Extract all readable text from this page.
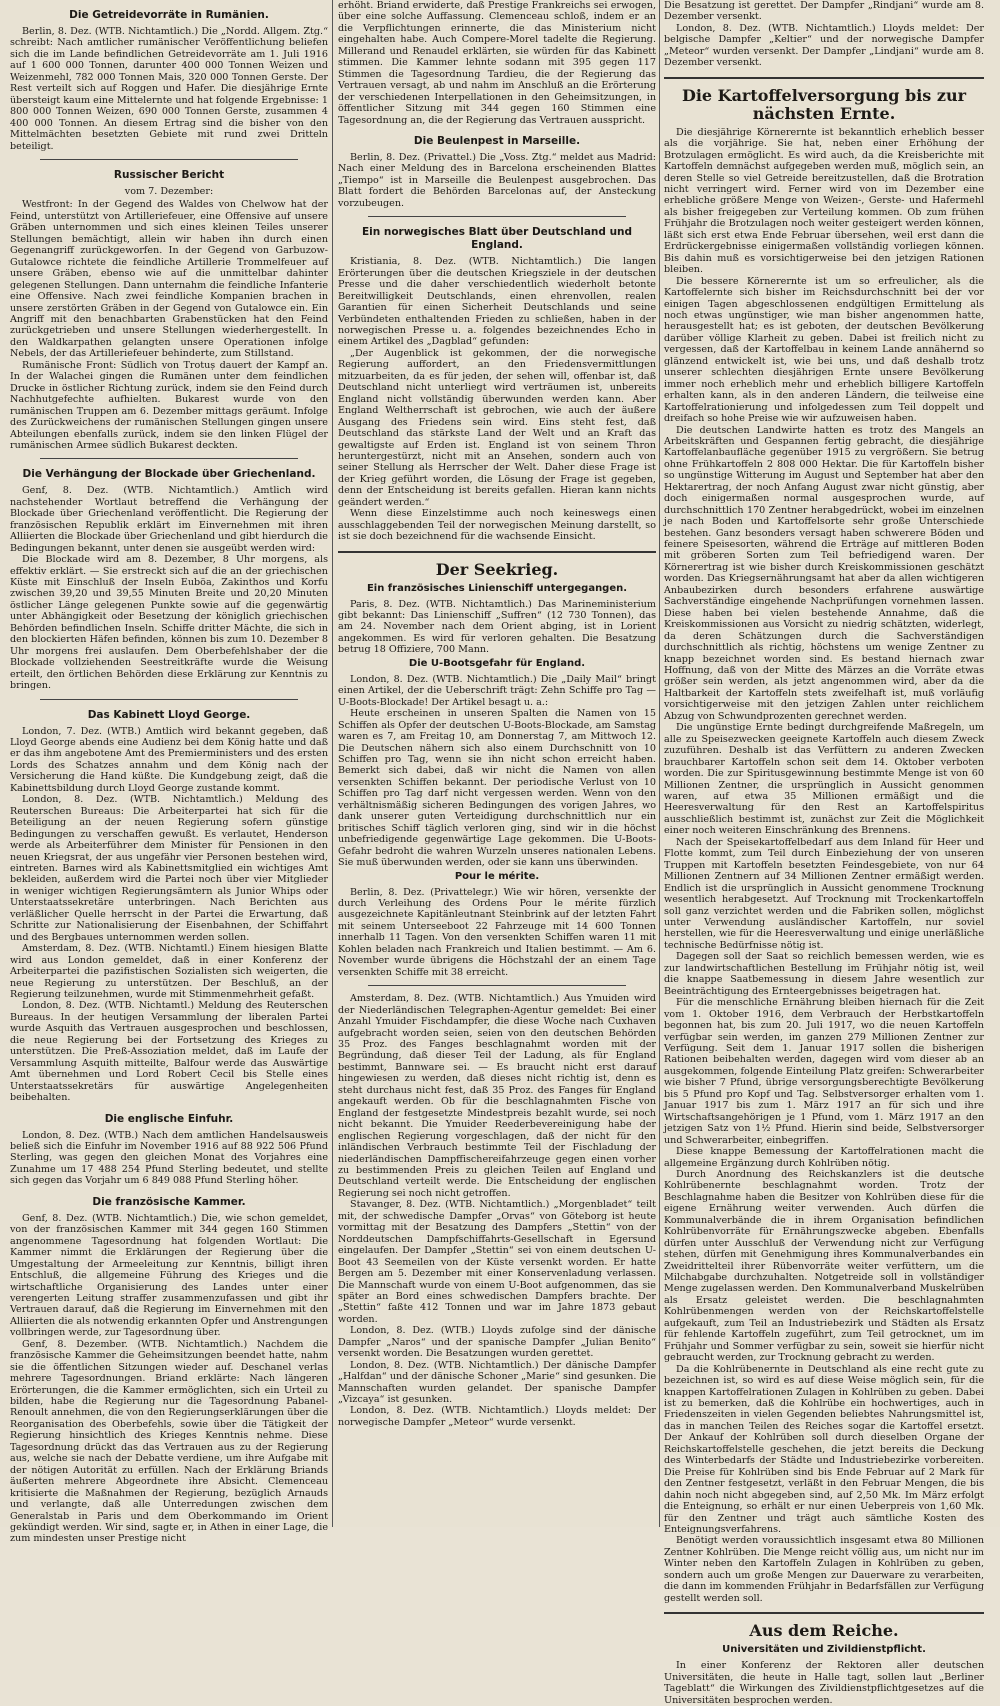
Die Getreidevorräte in Rumänien.

Berlin, 8. Dez. (WTB. Nichtamtlich.) Die „Nordd. Allgem. Ztg.“ schreibt: Nach amtlicher rumänischer Veröffentlichung beliefen sich die im Lande befindlichen Getreidevorräte am 1. Juli 1916 auf 1 600 000 Tonnen, darunter 400 000 Tonnen Weizen und Weizenmehl, 782 000 Tonnen Mais, 320 000 Tonnen Gerste. Der Rest verteilt sich auf Roggen und Hafer. Die diesjährige Ernte übersteigt kaum eine Mittelernte und hat folgende Ergebnisse: 1 800 000 Tonnen Weizen, 690 000 Tonnen Gerste, zusammen 4 400 000 Tonnen. An diesem Ertrag sind die bisher von den Mittelmächten besetzten Gebiete mit rund zwei Dritteln beteiligt.

Russischer Bericht
vom 7. Dezember:

Westfront: In der Gegend des Waldes von Chelwow hat der Feind, unterstützt von Artilleriefeuer, eine Offensive auf unsere Gräben unternommen und sich eines kleinen Teiles unserer Stellungen bemächtigt, allein wir haben ihn durch einen Gegenangriff zurückgeworfen. In der Gegend von Garbuzow-Gutalowce richtete die feindliche Artillerie Trommelfeuer auf unsere Gräben, ebenso wie auf die unmittelbar dahinter gelegenen Stellungen. Dann unternahm die feindliche Infanterie eine Offensive. Nach zwei feindliche Kompanien brachen in unsere zerstörten Gräben in der Gegend von Gutalowce ein. Ein Angriff mit den benachbarten Grabenstücken hat den Feind zurückgetrieben und unsere Stellungen wiederhergestellt. In den Waldkarpathen gelangten unsere Operationen infolge Nebels, der das Artilleriefeuer behinderte, zum Stillstand.

Rumänische Front: Südlich von Trotuș dauert der Kampf an. In der Walachei gingen die Rumänen unter dem feindlichen Drucke in östlicher Richtung zurück, indem sie den Feind durch Nachhutgefechte aufhielten. Bukarest wurde von den rumänischen Truppen am 6. Dezember mittags geräumt. Infolge des Zurückweichens der rumänischen Stellungen gingen unsere Abteilungen ebenfalls zurück, indem sie den linken Flügel der rumänischen Armee südlich Bukarest deckten.

Die Verhängung der Blockade über Griechenland.

Genf, 8. Dez. (WTB. Nichtamtlich.) Amtlich wird nachstehender Wortlaut betreffend die Verhängung der Blockade über Griechenland veröffentlicht. Die Regierung der französischen Republik erklärt im Einvernehmen mit ihren Alliierten die Blockade über Griechenland und gibt hierdurch die Bedingungen bekannt, unter denen sie ausgeübt werden wird:

Die Blockade wird am 8. Dezember, 8 Uhr morgens, als effektiv erklärt. — Sie erstreckt sich auf die an der griechischen Küste mit Einschluß der Inseln Euböa, Zakinthos und Korfu zwischen 39,20 und 39,55 Minuten Breite und 20,20 Minuten östlicher Länge gelegenen Punkte sowie auf die gegenwärtig unter Abhängigkeit oder Besetzung der königlich griechischen Behörden befindlichen Inseln. Schiffe dritter Mächte, die sich in den blockierten Häfen befinden, können bis zum 10. Dezember 8 Uhr morgens frei auslaufen. Dem Oberbefehlshaber der die Blockade vollziehenden Seestreitkräfte wurde die Weisung erteilt, den örtlichen Behörden diese Erklärung zur Kenntnis zu bringen.

Das Kabinett Lloyd George.

London, 7. Dez. (WTB.) Amtlich wird bekannt gegeben, daß Lloyd George abends eine Audienz bei dem König hatte und daß er das ihm angebotene Amt des Premierministers und des ersten Lords des Schatzes annahm und dem König nach der Versicherung die Hand küßte. Die Kundgebung zeigt, daß die Kabinettsbildung durch Lloyd George zustande kommt.

London, 8. Dez. (WTB. Nichtamtlich.) Meldung des Reuterschen Bureaus: Die Arbeiterpartei hat sich für die Beteiligung an der neuen Regierung sofern günstige Bedingungen zu verschaffen gewußt. Es verlautet, Henderson werde als Arbeiterführer dem Minister für Pensionen in den neuen Kriegsrat, der aus ungefähr vier Personen bestehen wird, eintreten. Barnes wird als Kabinettsmitglied ein wichtiges Amt bekleiden, außerdem wird die Partei noch über vier Mitglieder in weniger wichtigen Regierungsämtern als Junior Whips oder Unterstaatssekretäre unterbringen. Nach Berichten aus verläßlicher Quelle herrscht in der Partei die Erwartung, daß Schritte zur Nationalisierung der Eisenbahnen, der Schiffahrt und des Bergbaues unternommen werden sollen.

Amsterdam, 8. Dez. (WTB. Nichtamtl.) Einem hiesigen Blatte wird aus London gemeldet, daß in einer Konferenz der Arbeiterpartei die pazifistischen Sozialisten sich weigerten, die neue Regierung zu unterstützen. Der Beschluß, an der Regierung teilzunehmen, wurde mit Stimmenmehrheit gefaßt.

London, 8. Dez. (WTB. Nichtamtl.) Meldung des Reuterschen Bureaus. In der heutigen Versammlung der liberalen Partei wurde Asquith das Vertrauen ausgesprochen und beschlossen, die neue Regierung bei der Fortsetzung des Krieges zu unterstützen. Die Preß-Assoziation meldet, daß im Laufe der Versammlung Asquith mitteilte, Balfour werde das Auswärtige Amt übernehmen und Lord Robert Cecil bis Stelle eines Unterstaatssekretärs für auswärtige Angelegenheiten beibehalten.

Die englische Einfuhr.

London, 8. Dez. (WTB.) Nach dem amtlichen Handelsausweis beließ sich die Einfuhr im November 1916 auf 88 922 506 Pfund Sterling, was gegen den gleichen Monat des Vorjahres eine Zunahme um 17 488 254 Pfund Sterling bedeutet, und stellte sich gegen das Vorjahr um 6 849 088 Pfund Sterling höher.

Die französische Kammer.

Genf, 8. Dez. (WTB. Nichtamtlich.) Die, wie schon gemeldet, von der französischen Kammer mit 344 gegen 160 Stimmen angenommene Tagesordnung hat folgenden Wortlaut: Die Kammer nimmt die Erklärungen der Regierung über die Umgestaltung der Armeeleitung zur Kenntnis, billigt ihren Entschluß, die allgemeine Führung des Krieges und die wirtschaftliche Organisierung des Landes unter einer verengerten Leitung straffer zusammenzufassen und gibt ihr Vertrauen darauf, daß die Regierung im Einvernehmen mit den Alliierten die als notwendig erkannten Opfer und Anstrengungen vollbringen werde, zur Tagesordnung über.

Genf, 8. Dezember. (WTB. Nichtamtlich.) Nachdem die französische Kammer die Geheimsitzungen beendet hatte, nahm sie die öffentlichen Sitzungen wieder auf. Deschanel verlas mehrere Tagesordnungen. Briand erklärte: Nach längeren Erörterungen, die die Kammer ermöglichten, sich ein Urteil zu bilden, habe die Regierung nur die Tagesordnung Pabanel-Renoult annehmen, die von den Regierungserklärungen über die Reorganisation des Oberbefehls, sowie über die Tätigkeit der Regierung hinsichtlich des Krieges Kenntnis nehme. Diese Tagesordnung drückt das das Vertrauen aus zu der Regierung aus, welche sie nach der Debatte verdiene, um ihre Aufgabe mit der nötigen Autorität zu erfüllen. Nach der Erklärung Briands äußerten mehrere Abgeordnete ihre Absicht. Clemenceau kritisierte die Maßnahmen der Regierung, bezüglich Arnauds und verlangte, daß alle Unterredungen zwischen dem Generalstab in Paris und dem Oberkommando im Orient gekündigt werden. Wir sind, sagte er, in Athen in einer Lage, die zum mindesten unser Prestige nicht

erhöht. Briand erwiderte, daß Prestige Frankreichs sei erwogen, über eine solche Auffassung. Clemenceau schloß, indem er an die Verpflichtungen erinnerte, die das Ministerium nicht eingehalten habe. Auch Compere-Morel tadelte die Regierung. Millerand und Renaudel erklärten, sie würden für das Kabinett stimmen. Die Kammer lehnte sodann mit 395 gegen 117 Stimmen die Tagesordnung Tardieu, die der Regierung das Vertrauen versagt, ab und nahm im Anschluß an die Erörterung der verschiedenen Interpellationen in den Geheimsitzungen, in öffentlicher Sitzung mit 344 gegen 160 Stimmen eine Tagesordnung an, die der Regierung das Vertrauen ausspricht.

Die Beulenpest in Marseille.

Berlin, 8. Dez. (Privattel.) Die „Voss. Ztg.“ meldet aus Madrid: Nach einer Meldung des in Barcelona erscheinenden Blattes „Tiempo“ ist in Marseille die Beulenpest ausgebrochen. Das Blatt fordert die Behörden Barcelonas auf, der Ansteckung vorzubeugen.

Ein norwegisches Blatt über Deutschland und England.

Kristiania, 8. Dez. (WTB. Nichtamtlich.) Die langen Erörterungen über die deutschen Kriegsziele in der deutschen Presse und die daher verschiedentlich wiederholt betonte Bereitwilligkeit Deutschlands, einen ehrenvollen, realen Garantien für einen Sicherheit Deutschlands und seine Verbündeten enthaltenden Frieden zu schließen, haben in der norwegischen Presse u. a. folgendes bezeichnendes Echo in einem Artikel des „Dagblad“ gefunden:

„Der Augenblick ist gekommen, der die norwegische Regierung auffordert, an den Friedensvermittlungen mitzuarbeiten, da es für jeden, der sehen will, offenbar ist, daß Deutschland nicht unterliegt wird verträumen ist, unbereits England nicht vollständig überwunden werden kann. Aber England Weltherrschaft ist gebrochen, wie auch der äußere Ausgang des Friedens sein wird. Eins steht fest, daß Deutschland das stärkste Land der Welt und an Kraft das gewaltigste auf Erden ist. England ist von seinem Thron heruntergestürzt, nicht mit an Ansehen, sondern auch von seiner Stellung als Herrscher der Welt. Daher diese Frage ist der Krieg geführt worden, die Lösung der Frage ist gegeben, denn der Entscheidung ist bereits gefallen. Hieran kann nichts geändert werden.“

Wenn diese Einzelstimme auch noch keineswegs einen ausschlaggebenden Teil der norwegischen Meinung darstellt, so ist sie doch bezeichnend für die wachsende Einsicht.

Der Seekrieg.
Ein französisches Linienschiff untergegangen.

Paris, 8. Dez. (WTB. Nichtamtlich.) Das Marineministerium gibt bekannt: Das Linienschiff „Suffren“ (12 730 Tonnen), das am 24. November nach dem Orient abging, ist in Lorient angekommen. Es wird für verloren gehalten. Die Besatzung betrug 18 Offiziere, 700 Mann.

Die U-Bootsgefahr für England.

London, 8. Dez. (WTB. Nichtamtlich.) Die „Daily Mail“ bringt einen Artikel, der die Ueberschrift trägt: Zehn Schiffe pro Tag — U-Boots-Blockade! Der Artikel besagt u. a.:

Heute erscheinen in unseren Spalten die Namen von 15 Schiffen als Opfer der deutschen U-Boots-Blockade, am Samstag waren es 7, am Freitag 10, am Donnerstag 7, am Mittwoch 12. Die Deutschen nähern sich also einem Durchschnitt von 10 Schiffen pro Tag, wenn sie ihn nicht schon erreicht haben. Bemerkt sich dabei, daß wir nicht die Namen von allen versenkten Schiffen bekannt. Der periodische Verlust von 10 Schiffen pro Tag darf nicht vergessen werden. Wenn von den verhältnismäßig sicheren Bedingungen des vorigen Jahres, wo dank unserer guten Verteidigung durchschnittlich nur ein britisches Schiff täglich verloren ging, sind wir in die höchst unbefriedigende gegenwärtige Lage gekommen. Die U-Boots-Gefahr bedroht die wahren Wurzeln unseres nationalen Lebens. Sie muß überwunden werden, oder sie kann uns überwinden.

Pour le mérite.

Berlin, 8. Dez. (Privattelegr.) Wie wir hören, versenkte der durch Verleihung des Ordens Pour le mérite fürzlich ausgezeichnete Kapitänleutnant Steinbrink auf der letzten Fahrt mit seinem Unterseeboot 22 Fahrzeuge mit 14 600 Tonnen innerhalb 11 Tagen. Von den versenkten Schiffen waren 11 mit Kohlen beladen nach Frankreich und Italien bestimmt. — Am 6. November wurde übrigens die Höchstzahl der an einem Tage versenkten Schiffe mit 38 erreicht.

Amsterdam, 8. Dez. (WTB. Nichtamtlich.) Aus Ymuiden wird der Niederländischen Telegraphen-Agentur gemeldet: Bei einer Anzahl Ymuider Fischdampfer, die diese Woche nach Cuxhaven aufgebracht worden seien, seien von den deutschen Behörden 35 Proz. des Fanges beschlagnahmt worden mit der Begründung, daß dieser Teil der Ladung, als für England bestimmt, Bannware sei. — Es braucht nicht erst darauf hingewiesen zu werden, daß dieses nicht richtig ist, denn es steht durchaus nicht fest, daß 35 Proz. des Fanges für England angekauft werden. Ob für die beschlagnahmten Fische von England der festgesetzte Mindestpreis bezahlt wurde, sei noch nicht bekannt. Die Ymuider Reederbevereinigung habe der englischen Regierung vorgeschlagen, daß der nicht für den inländischen Verbrauch bestimmte Teil der Fischladung der niederländischen Dampffischereifahrzeuge gegen einen vorher zu bestimmenden Preis zu gleichen Teilen auf England und Deutschland verteilt werde. Die Entscheidung der englischen Regierung sei noch nicht getroffen.

Stavanger, 8. Dez. (WTB. Nichtamtlich.) „Morgenbladet“ teilt mit, der schwedische Dampfer „Orvas“ von Göteborg ist heute vormittag mit der Besatzung des Dampfers „Stettin“ von der Norddeutschen Dampfschiffahrts-Gesellschaft in Egersund eingelaufen. Der Dampfer „Stettin“ sei von einem deutschen U-Boot 43 Seemeilen von der Küste versenkt worden. Er hatte Bergen am 5. Dezember mit einer Konservenladung verlassen. Die Mannschaft wurde von einem U-Boot aufgenommen, das sie später an Bord eines schwedischen Dampfers brachte. Der „Stettin“ faßte 412 Tonnen und war im Jahre 1873 gebaut worden.

London, 8. Dez. (WTB.) Lloyds zufolge sind der dänische Dampfer „Naros“ und der spanische Dampfer „Julian Benito“ versenkt worden. Die Besatzungen wurden gerettet.

London, 8. Dez. (WTB. Nichtamtlich.) Der dänische Dampfer „Halfdan“ und der dänische Schoner „Marie“ sind gesunken. Die Mannschaften wurden gelandet. Der spanische Dampfer „Vizcaya“ ist gesunken.

London, 8. Dez. (WTB. Nichtamtlich.) Lloyds meldet: Der norwegische Dampfer „Meteor“ wurde versenkt.

Die Besatzung ist gerettet. Der Dampfer „Rindjani“ wurde am 8. Dezember versenkt.

London, 8. Dez. (WTB. Nichtamtlich.) Lloyds meldet: Der belgische Dampfer „Keltier“ und der norwegische Dampfer „Meteor“ wurden versenkt. Der Dampfer „Lindjani“ wurde am 8. Dezember versenkt.

Die Kartoffelversorgung bis zur nächsten Ernte.

Die diesjährige Körnerernte ist bekanntlich erheblich besser als die vorjährige. Sie hat, neben einer Erhöhung der Brotzulagen ermöglicht. Es wird auch, da die Kreisberichte mit Kartoffeln demnächst aufgegeben werden muß, möglich sein, an deren Stelle so viel Getreide bereitzustellen, daß die Brotration nicht verringert wird. Ferner wird von im Dezember eine erhebliche größere Menge von Weizen-, Gerste- und Hafermehl als bisher freigegeben zur Verteilung kommen. Ob zum frühen Frühjahr die Brotzulagen noch weiter gesteigert werden können, läßt sich erst etwa Ende Februar übersehen, weil erst dann die Erdrückergebnisse einigermaßen vollständig vorliegen können. Bis dahin muß es vorsichtigerweise bei den jetzigen Rationen bleiben.

Die bessere Körnerernte ist um so erfreulicher, als die Kartoffelernte sich bisher im Reichsdurchschnitt bei der vor einigen Tagen abgeschlossenen endgültigen Ermittelung als noch etwas ungünstiger, wie man bisher angenommen hatte, herausgestellt hat; es ist geboten, der deutschen Bevölkerung darüber völlige Klarheit zu geben. Dabei ist freilich nicht zu vergessen, daß der Kartoffelbau in keinem Lande annähernd so glänzend entwickelt ist, wie bei uns, und daß deshalb trotz unserer schlechten diesjährigen Ernte unsere Bevölkerung immer noch erheblich mehr und erheblich billigere Kartoffeln erhalten kann, als in den anderen Ländern, die teilweise eine Kartoffelrationierung und infolgedessen zum Teil doppelt und dreifach so hohe Preise wie wir aufzuweisen haben.

Die deutschen Landwirte hatten es trotz des Mangels an Arbeitskräften und Gespannen fertig gebracht, die diesjährige Kartoffelanbaufläche gegenüber 1915 zu vergrößern. Sie betrug ohne Frühkartoffeln 2 808 000 Hektar. Die für Kartoffeln bisher so ungünstige Witterung im August und September hat aber den Hektarertrag, der noch Anfang August zwar nicht günstig, aber doch einigermaßen normal ausgesprochen wurde, auf durchschnittlich 170 Zentner herabgedrückt, wobei im einzelnen je nach Boden und Kartoffelsorte sehr große Unterschiede bestehen. Ganz besonders versagt haben schwerere Böden und feinere Speisesorten, während die Erträge auf mittleren Boden mit gröberen Sorten zum Teil befriedigend waren. Der Körnerertrag ist wie bisher durch Kreiskommissionen geschätzt worden. Das Kriegsernährungsamt hat aber da allen wichtigeren Anbaubezirken durch besonders erfahrene auswärtige Sachverständige eingehende Nachprüfungen vornehmen lassen. Diese haben bei vielen bestehende Annahme, daß die Kreiskommissionen aus Vorsicht zu niedrig schätzten, widerlegt, da deren Schätzungen durch die Sachverständigen durchschnittlich als richtig, höchstens um wenige Zentner zu knapp bezeichnet worden sind. Es bestand hiernach zwar Hoffnung, daß von der Mitte des Märzes an die Vorräte etwas größer sein werden, als jetzt angenommen wird, aber da die Haltbarkeit der Kartoffeln stets zweifelhaft ist, muß vorläufig vorsichtigerweise mit den jetzigen Zahlen unter reichlichem Abzug von Schwundprozenten gerechnet werden.

Die ungünstige Ernte bedingt durchgreifende Maßregeln, um alle zu Speisezwecken geeignete Kartoffeln auch diesem Zweck zuzuführen. Deshalb ist das Verfüttern zu anderen Zwecken brauchbarer Kartoffeln schon seit dem 14. Oktober verboten worden. Die zur Spiritusgewinnung bestimmte Menge ist von 60 Millionen Zentner, die ursprünglich in Aussicht genommen waren, auf etwa 35 Millionen ermäßigt und die Heeresverwaltung für den Rest an Kartoffelspiritus ausschließlich bestimmt ist, zunächst zur Zeit die Möglichkeit einer noch weiteren Einschränkung des Brennens.

Nach der Speisekartoffelbedarf aus dem Inland für Heer und Flotte kommt, zum Teil durch Einbeziehung der von unseren Truppen mit Kartoffeln besetzten Feindesgebiete, von nur 64 Millionen Zentnern auf 34 Millionen Zentner ermäßigt werden. Endlich ist die ursprünglich in Aussicht genommene Trocknung wesentlich herabgesetzt. Auf Trocknung mit Trockenkartoffeln soll ganz verzichtet werden und die Fabriken sollen, möglichst unter Verwendung ausländischer Kartoffeln, nur soviel herstellen, wie für die Heeresverwaltung und einige unerläßliche technische Bedürfnisse nötig ist.

Dagegen soll der Saat so reichlich bemessen werden, wie es zur landwirtschaftlichen Bestellung im Frühjahr nötig ist, weil die knappe Saatbemessung in diesem Jahre wesentlich zur Beeinträchtigung des Ernteergebnisses beigetragen hat.

Für die menschliche Ernährung bleiben hiernach für die Zeit vom 1. Oktober 1916, dem Verbrauch der Herbstkartoffeln begonnen hat, bis zum 20. Juli 1917, wo die neuen Kartoffeln verfügbar sein werden, im ganzen 279 Millionen Zentner zur Verfügung. Seit dem 1. Januar 1917 sollen die bisherigen Rationen beibehalten werden, dagegen wird vom dieser ab an ausgekommen, folgende Einteilung Platz greifen: Schwerarbeiter wie bisher 7 Pfund, übrige versorgungsberechtigte Bevölkerung bis 5 Pfund pro Kopf und Tag. Selbstversorger erhalten vom 1. Januar 1917 bis zum 1. März 1917 an für sich und ihre Wirtschaftsangehörigen je 1 Pfund, vom 1. März 1917 an den jetzigen Satz von 1½ Pfund. Hierin sind beide, Selbstversorger und Schwerarbeiter, einbegriffen.

Diese knappe Bemessung der Kartoffelrationen macht die allgemeine Ergänzung durch Kohlrüben nötig.

Durch Anordnung des Reichskanzlers ist die deutsche Kohlrübenernte beschlagnahmt worden. Trotz der Beschlagnahme haben die Besitzer von Kohlrüben diese für die eigene Ernährung weiter verwenden. Auch dürfen die Kommunalverbände die in ihrem Organisation befindlichen Kohlrübenvorräte für Ernährungszwecke abgeben. Ebenfalls dürfen unter Ausschluß der Verwendung nicht zur Verfügung stehen, dürfen mit Genehmigung ihres Kommunalverbandes ein Zweidrittelteil ihrer Rübenvorräte weiter verfüttern, um die Milchabgabe durchzuhalten. Notgetreide soll in vollständiger Menge zugelassen werden. Den Kommunalverband Muskelrüben als Ersatz geleistet werden. Die beschlagnahmten Kohlrübenmengen werden von der Reichskartoffelstelle aufgekauft, zum Teil an Industriebezirk und Städten als Ersatz für fehlende Kartoffeln zugeführt, zum Teil getrocknet, um im Frühjahr und Sommer verfügbar zu sein, soweit sie hierfür nicht gebraucht werden, zur Trocknung gebracht zu werden.

Da die Kohlrübenernte in Deutschland als eine recht gute zu bezeichnen ist, so wird es auf diese Weise möglich sein, für die knappen Kartoffelrationen Zulagen in Kohlrüben zu geben. Dabei ist zu bemerken, daß die Kohlrübe ein hochwertiges, auch in Friedenszeiten in vielen Gegenden beliebtes Nahrungsmittel ist, das in manchen Teilen des Reiches sogar die Kartoffel ersetzt. Der Ankauf der Kohlrüben soll durch dieselben Organe der Reichskartoffelstelle geschehen, die jetzt bereits die Deckung des Winterbedarfs der Städte und Industriebezirke vorbereiten. Die Preise für Kohlrüben sind bis Ende Februar auf 2 Mark für den Zentner festgesetzt, verläßt in den Februar Mengen, die bis dahin noch nicht abgegeben sind, auf 2,50 Mk. Im März erfolgt die Enteignung, so erhält er nur einen Ueberpreis von 1,60 Mk. für den Zentner und trägt auch sämtliche Kosten des Enteignungsverfahrens.

Benötigt werden voraussichtlich insgesamt etwa 80 Millionen Zentner Kohlrüben. Die Menge reicht völlig aus, um nicht nur im Winter neben den Kartoffeln Zulagen in Kohlrüben zu geben, sondern auch um große Mengen zur Dauerware zu verarbeiten, die dann im kommenden Frühjahr in Bedarfsfällen zur Verfügung gestellt werden soll.

Aus dem Reiche.
Universitäten und Zivildienstpflicht.

In einer Konferenz der Rektoren aller deutschen Universitäten, die heute in Halle tagt, sollen laut „Berliner Tageblatt“ die Wirkungen des Zivildienstpflichtgesetzes auf die Universitäten besprochen werden.
